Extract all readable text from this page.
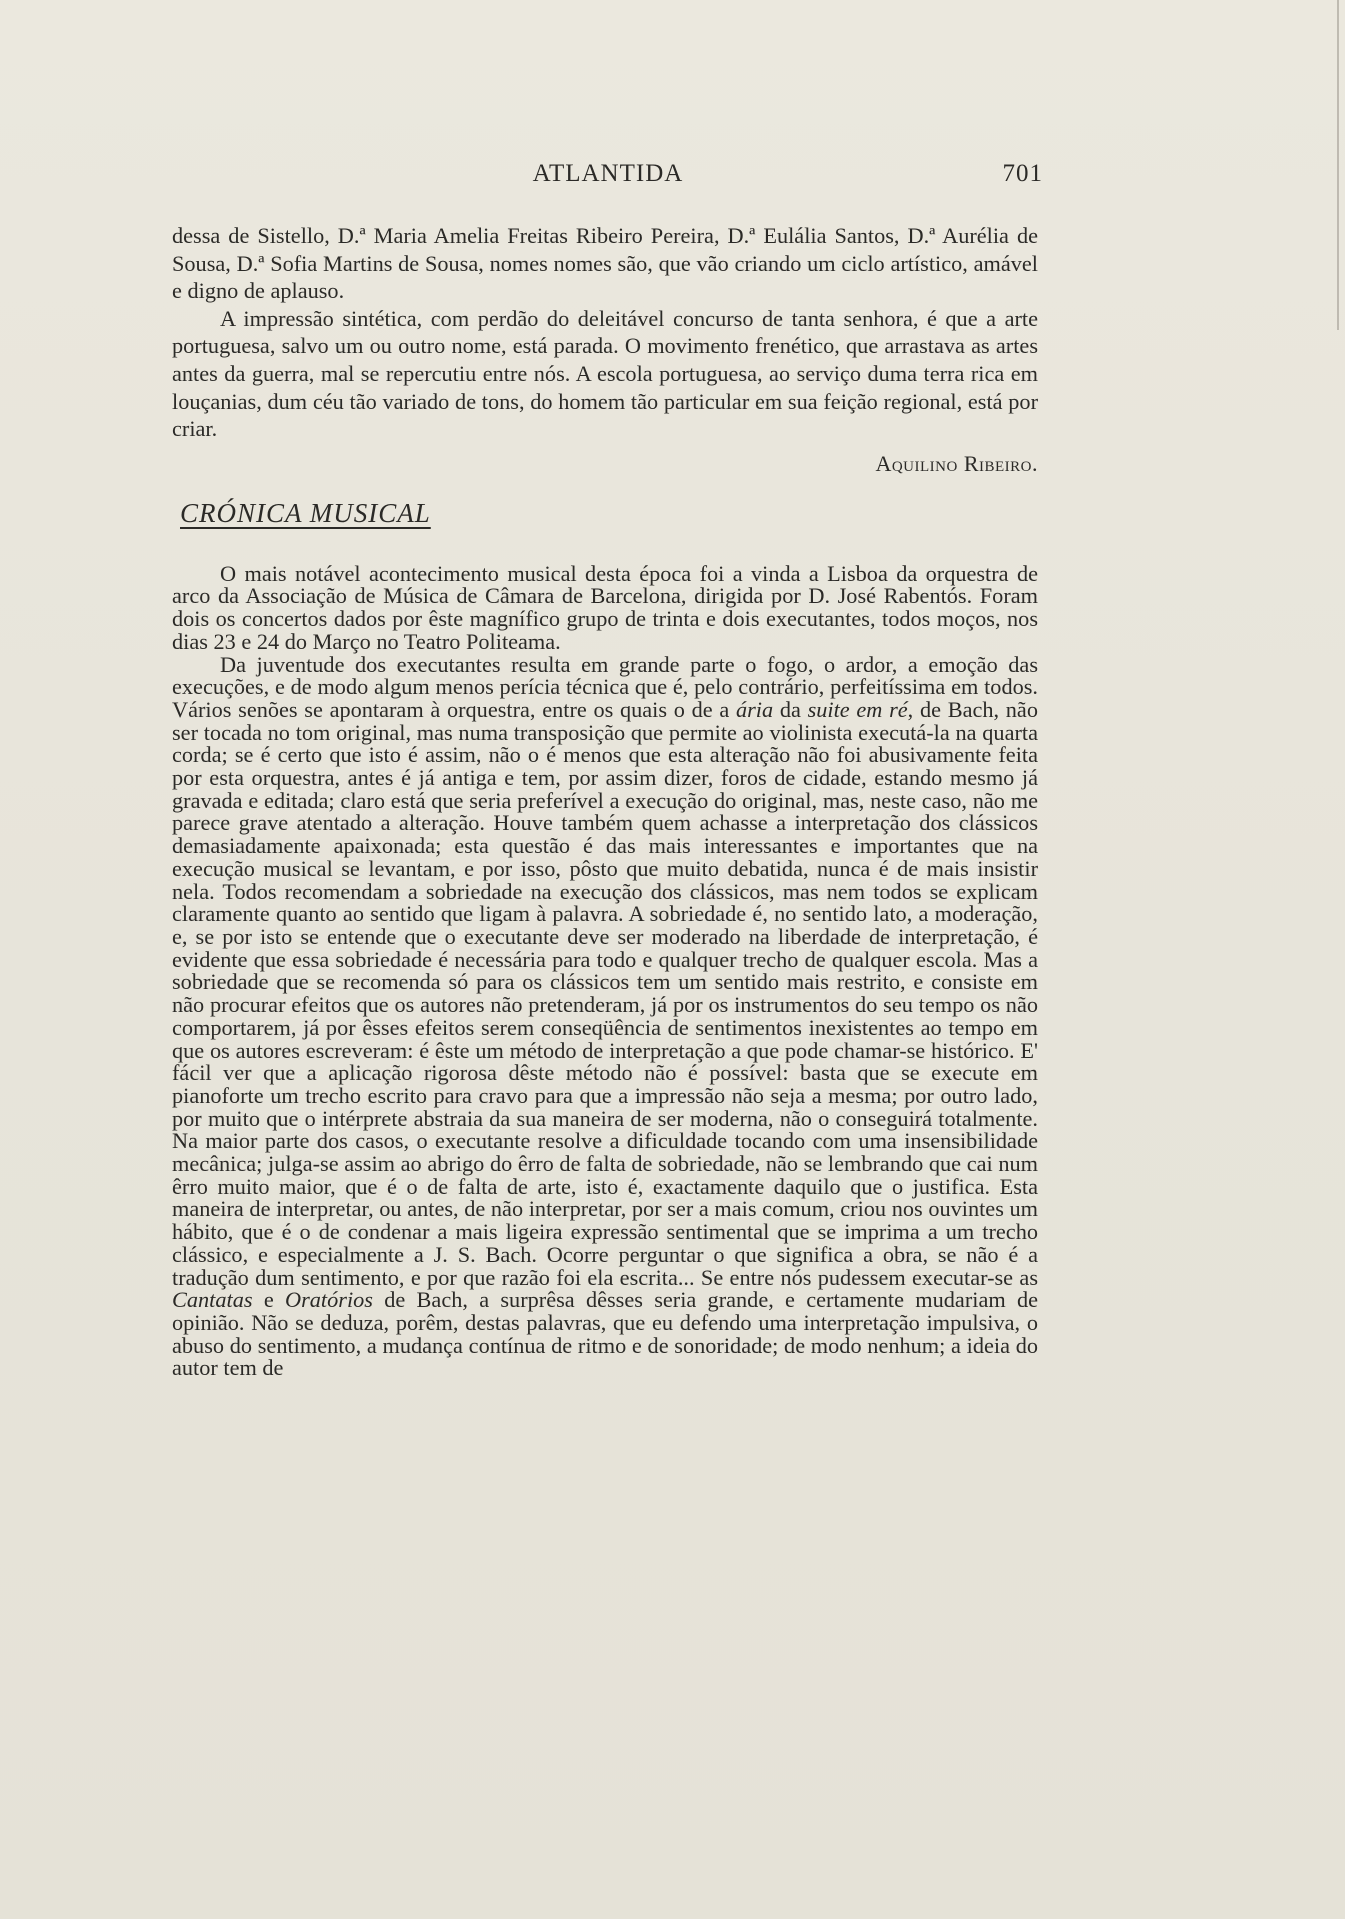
ATLANTIDA	701

dessa de Sistello, D.ª Maria Amelia Freitas Ribeiro Pereira, D.ª Eulália Santos, D.ª Aurélia de Sousa, D.ª Sofia Martins de Sousa, nomes nomes são, que vão criando um ciclo artístico, amável e digno de aplauso.

A impressão sintética, com perdão do deleitável concurso de tanta senhora, é que a arte portuguesa, salvo um ou outro nome, está parada. O movimento frenético, que arrastava as artes antes da guerra, mal se repercutiu entre nós. A escola portuguesa, ao serviço duma terra rica em louçanias, dum céu tão variado de tons, do homem tão particular em sua feição regional, está por criar.

Aquilino Ribeiro.
CRÓNICA MUSICAL

O mais notável acontecimento musical desta época foi a vinda a Lisboa da orquestra de arco da Associação de Música de Câmara de Barcelona, dirigida por D. José Rabentós. Foram dois os concertos dados por êste magnífico grupo de trinta e dois executantes, todos moços, nos dias 23 e 24 do Março no Teatro Politeama.

Da juventude dos executantes resulta em grande parte o fogo, o ardor, a emoção das execuções, e de modo algum menos perícia técnica que é, pelo contrário, perfeitíssima em todos. Vários senões se apontaram à orquestra, entre os quais o de a ária da suite em ré, de Bach, não ser tocada no tom original, mas numa transposição que permite ao violinista executá-la na quarta corda; se é certo que isto é assim, não o é menos que esta alteração não foi abusivamente feita por esta orquestra, antes é já antiga e tem, por assim dizer, foros de cidade, estando mesmo já gravada e editada; claro está que seria preferível a execução do original, mas, neste caso, não me parece grave atentado a alteração. Houve também quem achasse a interpretação dos clássicos demasiadamente apaixonada; esta questão é das mais interessantes e importantes que na execução musical se levantam, e por isso, pôsto que muito debatida, nunca é de mais insistir nela. Todos recomendam a sobriedade na execução dos clássicos, mas nem todos se explicam claramente quanto ao sentido que ligam à palavra. A sobriedade é, no sentido lato, a moderação, e, se por isto se entende que o executante deve ser moderado na liberdade de interpretação, é evidente que essa sobriedade é necessária para todo e qualquer trecho de qualquer escola. Mas a sobriedade que se recomenda só para os clássicos tem um sentido mais restrito, e consiste em não procurar efeitos que os autores não pretenderam, já por os instrumentos do seu tempo os não comportarem, já por êsses efeitos serem conseqüência de sentimentos inexistentes ao tempo em que os autores escreveram: é êste um método de interpretação a que pode chamar-se histórico. E' fácil ver que a aplicação rigorosa dêste método não é possível: basta que se execute em pianoforte um trecho escrito para cravo para que a impressão não seja a mesma; por outro lado, por muito que o intérprete abstraia da sua maneira de ser moderna, não o conseguirá totalmente. Na maior parte dos casos, o executante resolve a dificuldade tocando com uma insensibilidade mecânica; julga-se assim ao abrigo do êrro de falta de sobriedade, não se lembrando que cai num êrro muito maior, que é o de falta de arte, isto é, exactamente daquilo que o justifica. Esta maneira de interpretar, ou antes, de não interpretar, por ser a mais comum, criou nos ouvintes um hábito, que é o de condenar a mais ligeira expressão sentimental que se imprima a um trecho clássico, e especialmente a J. S. Bach. Ocorre perguntar o que significa a obra, se não é a tradução dum sentimento, e por que razão foi ela escrita... Se entre nós pudessem executar-se as Cantatas e Oratórios de Bach, a surprêsa dêsses seria grande, e certamente mudariam de opinião. Não se deduza, porêm, destas palavras, que eu defendo uma interpretação impulsiva, o abuso do sentimento, a mudança contínua de ritmo e de sonoridade; de modo nenhum; a ideia do autor tem de
